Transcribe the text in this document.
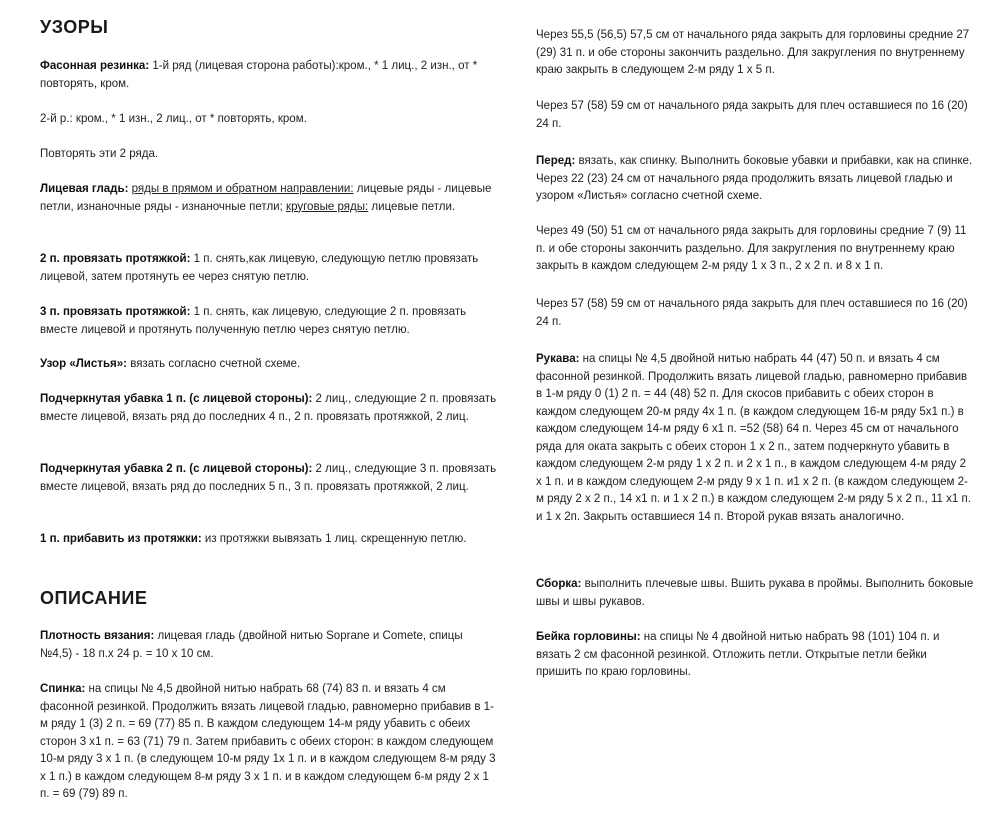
УЗОРЫ

Фасонная резинка: 1-й ряд (лицевая сторона работы):кром., * 1 лиц., 2 изн., от * повторять, кром.

2-й р.: кром., * 1 изн., 2 лиц., от * повторять, кром.

Повторять эти 2 ряда.

Лицевая гладь: ряды в прямом и обратном направлении: лицевые ряды - лицевые петли, изнаночные ряды - изнаночные петли; круговые ряды: лицевые петли.

2 п. провязать протяжкой: 1 п. снять,как лицевую, следующую петлю провязать лицевой, затем протянуть ее через снятую петлю.

3 п. провязать протяжкой: 1 п. снять, как лицевую, следующие 2 п. провязать вместе лицевой и протянуть полученную петлю через снятую петлю.

Узор «Листья»: вязать согласно счетной схеме.

Подчеркнутая убавка 1 п. (с лицевой стороны): 2 лиц., следующие 2 п. провязать вместе лицевой, вязать ряд до последних 4 п., 2 п. провязать протяжкой, 2 лиц.

Подчеркнутая убавка 2 п. (с лицевой стороны): 2 лиц., следующие 3 п. провязать вместе лицевой, вязать ряд до последних 5 п., 3 п. провязать протяжкой, 2 лиц.

1 п. прибавить из протяжки: из протяжки вывязать 1 лиц. скрещенную петлю.

ОПИСАНИЕ

Плотность вязания: лицевая гладь (двойной нитью Soprane и Comete, спицы №4,5) - 18 п.х 24 р. = 10 х 10 см.

Спинка: на спицы № 4,5 двойной нитью набрать 68 (74) 83 п. и вязать 4 см фасонной резинкой. Продолжить вязать лицевой гладью, равномерно прибавив в 1-м ряду 1 (3) 2 п. = 69 (77) 85 п. В каждом следующем 14-м ряду убавить с обеих сторон 3 х1 п. = 63 (71) 79 п. Затем прибавить с обеих сторон: в каждом следующем 10-м ряду 3 х 1 п. (в следующем 10-м ряду 1х 1 п. и в каждом следующем 8-м ряду 3 х 1 п.) в каждом следующем 8-м ряду 3 х 1 п. и в каждом следующем 6-м ряду 2 х 1 п. = 69 (79) 89 п.

Через 55,5 (56,5) 57,5 см от начального ряда закрыть для горловины средние 27 (29) 31 п. и обе стороны закончить раздельно. Для закругления по внутреннему краю закрыть в следующем 2-м ряду 1 х 5 п.

Через 57 (58) 59 см от начального ряда закрыть для плеч оставшиеся по 16 (20) 24 п.

Перед: вязать, как спинку. Выполнить боковые убавки и прибавки, как на спинке. Через 22 (23) 24 см от начального ряда продолжить вязать лицевой гладью и узором «Листья» согласно счетной схеме.

Через 49 (50) 51 см от начального ряда закрыть для горловины средние 7 (9) 11 п. и обе стороны закончить раздельно. Для закругления по внутреннему краю закрыть в каждом следующем 2-м ряду 1 х 3 п., 2 х 2 п. и 8 х 1 п.

Через 57 (58) 59 см от начального ряда закрыть для плеч оставшиеся по 16 (20) 24 п.

Рукава: на спицы № 4,5 двойной нитью набрать 44 (47) 50 п. и вязать 4 см фасонной резинкой. Продолжить вязать лицевой гладью, равномерно прибавив в 1-м ряду 0 (1) 2 п. = 44 (48) 52 п. Для скосов прибавить с обеих сторон в каждом следующем 20-м ряду 4х 1 п. (в каждом следующем 16-м ряду 5х1 п.) в каждом следующем 14-м ряду 6 х1 п. =52 (58) 64 п. Через 45 см от начального ряда для оката закрыть с обеих сторон 1 х 2 п., затем подчеркнуто убавить в каждом следующем 2-м ряду 1 х 2 п. и 2 х 1 п., в каждом следующем 4-м ряду 2 х 1 п. и в каждом следующем 2-м ряду 9 х 1 п. и1 х 2 п. (в каждом следующем 2-м ряду 2 х 2 п., 14 х1 п. и 1 х 2 п.) в каждом следующем 2-м ряду 5 х 2 п., 11 х1 п. и 1 х 2п. Закрыть оставшиеся 14 п. Второй рукав вязать аналогично.

Сборка: выполнить плечевые швы. Вшить рукава в проймы. Выполнить боковые швы и швы рукавов.

Бейка горловины: на спицы № 4 двойной нитью набрать 98 (101) 104 п. и вязать 2 см фасонной резинкой. Отложить петли. Открытые петли бейки пришить по краю горловины.
